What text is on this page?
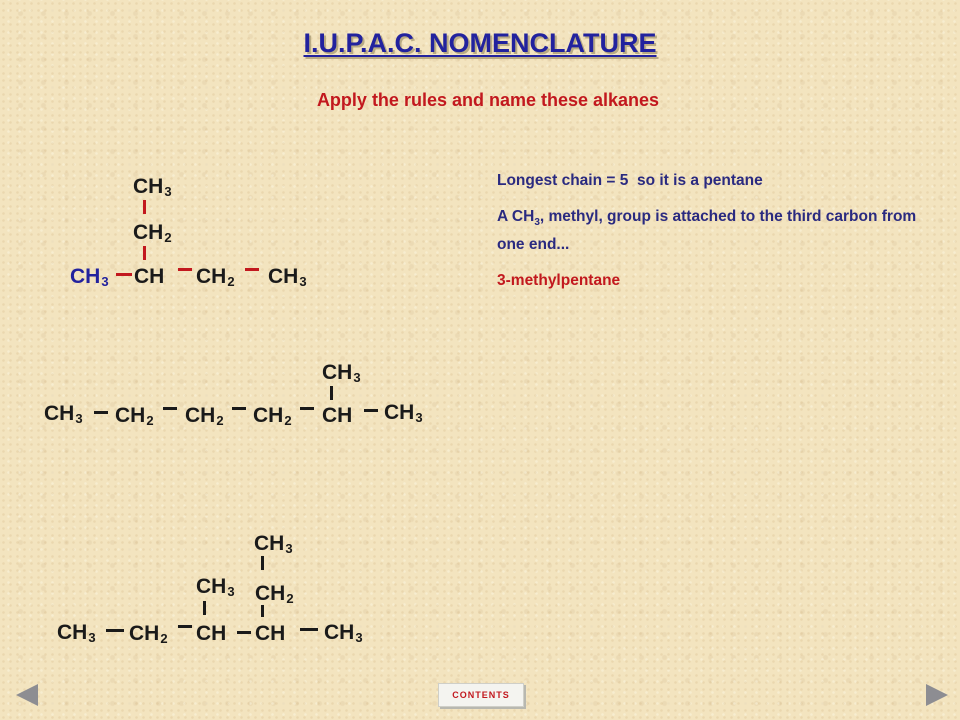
I.U.P.A.C. NOMENCLATURE
Apply the rules and name these alkanes
Longest chain = 5 so it is a pentane
A $CH_3$, methyl, group is attached to the third carbon from one end...
3-methylpentane
$CH_3$
$CH_2$
$CH_3$ CH $CH_2$ $CH_3$
$CH_3$
$CH_3$ $CH_2$ $CH_2$ $CH_2$ CH $CH_3$
$CH_3$
$CH_3$ $CH_2$
$CH_3$ $CH_2$ CH CH $CH_3$
CONTENTS
